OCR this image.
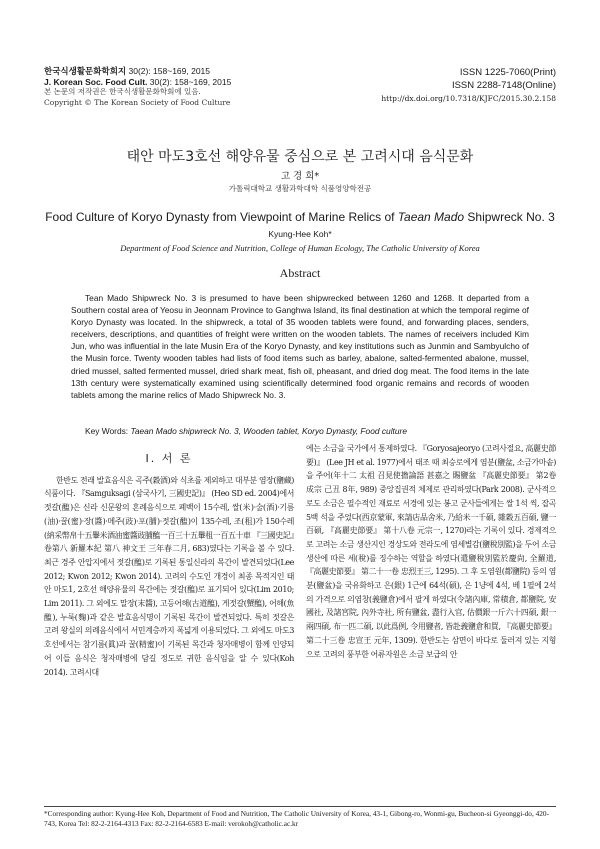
한국식생활문화학회지 30(2): 158~169, 2015
J. Korean Soc. Food Cult. 30(2): 158~169, 2015
본 논문의 저작권은 한국식생활문화학회에 있음.
Copyright © The Korean Society of Food Culture
ISSN 1225-7060(Print)
ISSN 2288-7148(Online)
http://dx.doi.org/10.7318/KJFC/2015.30.2.158
태안 마도3호선 해양유물 중심으로 본 고려시대 음식문화
고 경 희*
가톨릭대학교 생활과학대학 식품영양학전공
Food Culture of Koryo Dynasty from Viewpoint of Marine Relics of Taean Mado Shipwreck No. 3
Kyung-Hee Koh*
Department of Food Science and Nutrition, College of Human Ecology, The Catholic University of Korea
Abstract
Tean Mado Shipwreck No. 3 is presumed to have been shipwrecked between 1260 and 1268. It departed from a Southern costal area of Yeosu in Jeonnam Province to Ganghwa Island, its final destination at which the temporal regime of Koryo Dynasty was located. In the shipwreck, a total of 35 wooden tablets were found, and forwarding places, senders, receivers, descriptions, and quantities of freight were written on the wooden tablets. The names of receivers included Kim Jun, who was influential in the late Musin Era of the Koryo Dynasty, and key institutions such as Junmin and Sambyulcho of the Musin force. Twenty wooden tables had lists of food items such as barley, abalone, salted-fermented abalone, mussel, dried mussel, salted fermented mussel, dried shark meat, fish oil, pheasant, and dried dog meat. The food items in the late 13th century were systematically examined using scientifically determined food organic remains and records of wooden tablets among the marine relics of Mado Shipwreck No. 3.
Key Words: Taean Mado shipwreck No. 3, Wooden tablet, Koryo Dynasty, Food culture
I. 서 론

한반도 전래 발효음식은 곡주(穀酒)와 식초를 제외하고 대부분 염장(鹽藏)식품이다. 『Samguksagi (삼국사기, 三國史記)』 (Heo SD ed. 2004)에서 젓갈(醢)은 신라 신문왕의 혼례음식으로 폐백이 15수레, 쌀(米)·술(酒)·기름(油)·꿀(蜜)·장(醬)·메주(豉)·포(脯)·젓갈(醢)이 135수레, 조(租)가 150수레(納采幣帛十五轝米酒油蜜醬豉脯醢一百三十五轝租一百五十車 『三國史記』卷第八 新羅本紀 第八 神文王 三年春二月, 683)였다는 기록을 볼 수 있다. 최근 경주 안압지에서 젓갈(醢)로 기록된 통일신라의 목간이 발견되었다(Lee 2012; Kwon 2012; Kwon 2014). 고려의 수도인 개경이 최종 목적지인 태안 마도1, 2호선 해양유물의 목간에는 젓갈(醢)로 표기되어 있다(Lim 2010; Lim 2011). 그 외에도 말장(末醬), 고등어해(古道醢), 게젓갈(蟹醢), 어해(魚醢), 누룩(麴)과 같은 발효음식명이 기록된 목간이 발견되었다. 특히 젓갈은 고려 왕실의 의례음식에서 서민계층까지 폭넓게 이용되었다. 그 외에도 마도3호선에서는 참기름(眞)과 꿀(精蜜)이 기록된 목간과 청자매병이 함께 인양되어 이들 음식은 청자매병에 담길 정도로 귀한 음식임을 알 수 있다(Koh 2014). 고려시대

에는 소금을 국가에서 통제하였다. 『Goryosajeoryo (고려사절요, 高麗史節要)』 (Lee JH et al. 1977)에서 태조 때 최승로에게 염분(鹽盆, 소금가마솥)을 주어(年十二 太祖 召見使擔論語 甚嘉之 賜鹽盆 『高麗史節要』 第2卷 成宗 己丑 8年, 989) 중앙집권적 체제로 관리하였다(Park 2008). 군사적으로도 소금은 필수적인 재료로 서경에 있는 봉고 군사들에게는 쌀 1석 씩, 잡곡 5백 석을 주었다(西京蒙軍, 來請店品舍米, 乃給米一千碩, 雜穀五百碩, 鹽一百碩, 『高麗史節要』 第十八卷 元宗一, 1270)라는 기록이 있다. 경제적으로 고려는 소금 생산지인 경상도와 전라도에 염세별감(鹽稅別監)을 두어 소금생산에 따른 세(稅)를 징수하는 역할을 하였다(遣鹽稅別監於慶尙, 全羅道, 『高麗史節要』 第二十一卷 忠烈王三, 1295). 그 후 도염원(都鹽院) 등의 염분(鹽盆)을 국유화하고 은(銀) 1근에 64석(碩), 은 1냥에 4석, 베 1필에 2석의 가격으로 의염창(義鹽倉)에서 팔게 하였다(令諸內庫, 常積倉, 都鹽院, 安國社, 及諸宮院, 內外寺社, 所有鹽盆, 盡行入官, 估價銀一斤六十四碩, 銀一兩四碩, 布一匹二碩, 以此爲例, 令用鹽者, 皆赴義鹽倉和買, 『高麗史節要』 第二十三卷 忠宣王 元年, 1309). 한반도는 삼면이 바다로 둘러져 있는 지형으로 고려의 풍부한 어류자원은 소금 보급의 안

*Corresponding author: Kyung-Hee Koh, Department of Food and Nutrition, The Catholic University of Korea, 43-1, Gibong-ro, Wonmi-gu, Bucheon-si Gyeonggi-do, 420-743, Korea Tel: 82-2-2164-4313 Fax: 82-2-2164-6583 E-mail: verokoh@catholic.ac.kr
